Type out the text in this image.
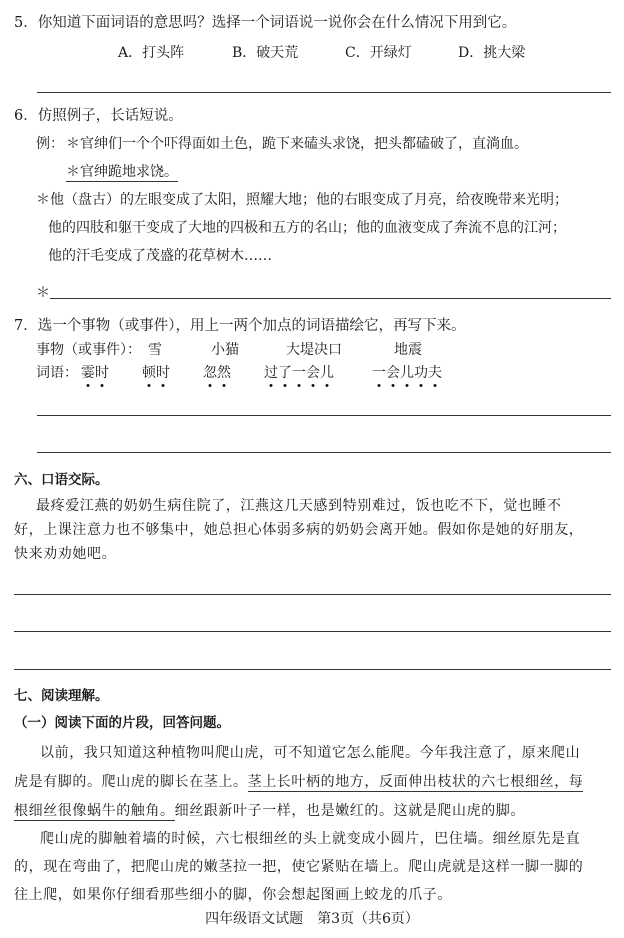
5．你知道下面词语的意思吗？选择一个词语说一说你会在什么情况下用到它。
A．打头阵	B．破天荒	C．开绿灯	D．挑大梁
6．仿照例子，长话短说。
例： ＊官绅们一个个吓得面如土色，跪下来磕头求饶，把头都磕破了，直淌血。
＊官绅跪地求饶。
＊他（盘古）的左眼变成了太阳，照耀大地；他的右眼变成了月亮，给夜晚带来光明；
他的四肢和躯干变成了大地的四极和五方的名山；他的血液变成了奔流不息的江河；
他的汗毛变成了茂盛的花草树木……
＊
7．选一个事物（或事件），用上一两个加点的词语描绘它，再写下来。
事物（或事件）： 雪	小猫	大堤决口	地震
词语： 霎时 顿时 忽然 过了一会儿	一会儿功夫
六、口语交际。
最疼爱江燕的奶奶生病住院了，江燕这几天感到特别难过，饭也吃不下，觉也睡不
好，上课注意力也不够集中，她总担心体弱多病的奶奶会离开她。假如你是她的好朋友，
快来劝劝她吧。
七、阅读理解。
（一）阅读下面的片段，回答问题。
以前，我只知道这种植物叫爬山虎，可不知道它怎么能爬。今年我注意了，原来爬山
虎是有脚的。爬山虎的脚长在茎上。茎上长叶柄的地方，反面伸出枝状的六七根细丝，每
根细丝很像蜗牛的触角。细丝跟新叶子一样，也是嫩红的。这就是爬山虎的脚。
爬山虎的脚触着墙的时候，六七根细丝的头上就变成小圆片，巴住墙。细丝原先是直
的，现在弯曲了，把爬山虎的嫩茎拉一把，使它紧贴在墙上。爬山虎就是这样一脚一脚的
往上爬，如果你仔细看那些细小的脚，你会想起图画上蛟龙的爪子。
四年级语文试题　第3页（共6页）
